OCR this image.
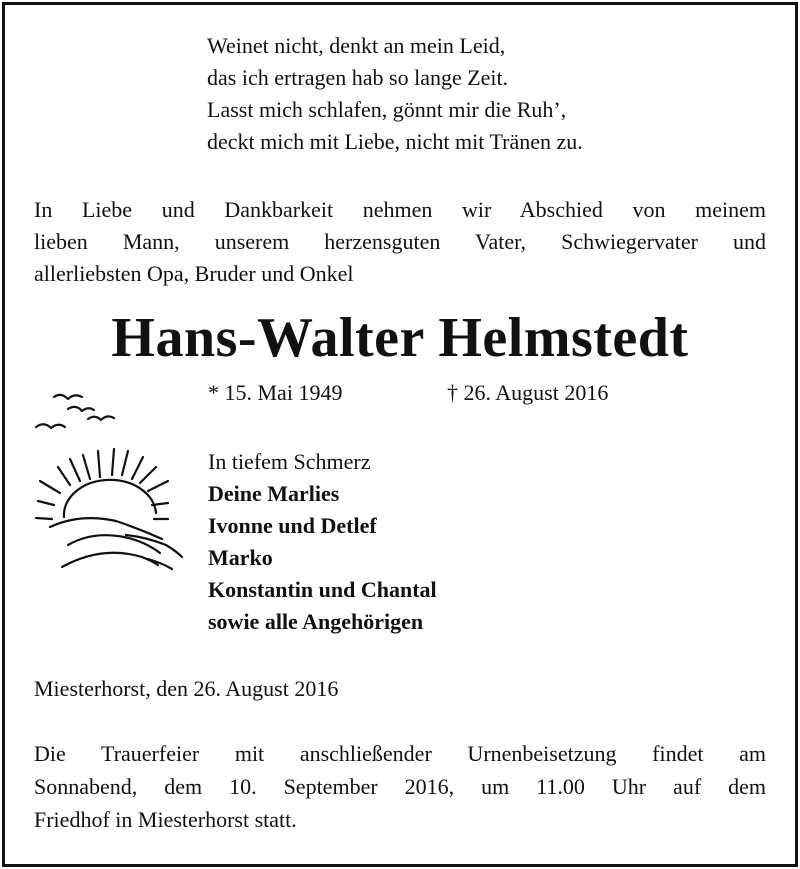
Weinet nicht, denkt an mein Leid,
das ich ertragen hab so lange Zeit.
Lasst mich schlafen, gönnt mir die Ruh’,
deckt mich mit Liebe, nicht mit Tränen zu.
In Liebe und Dankbarkeit nehmen wir Abschied von meinem
lieben Mann, unserem herzensguten Vater, Schwiegervater und
allerliebsten Opa, Bruder und Onkel
Hans-Walter Helmstedt
* 15. Mai 1949	† 26. August 2016
In tiefem Schmerz
Deine Marlies
Ivonne und Detlef
Marko
Konstantin und Chantal
sowie alle Angehörigen
Miesterhorst, den 26. August 2016
Die Trauerfeier mit anschließender Urnenbeisetzung findet am
Sonnabend, dem 10. September 2016, um 11.00 Uhr auf dem
Friedhof in Miesterhorst statt.
